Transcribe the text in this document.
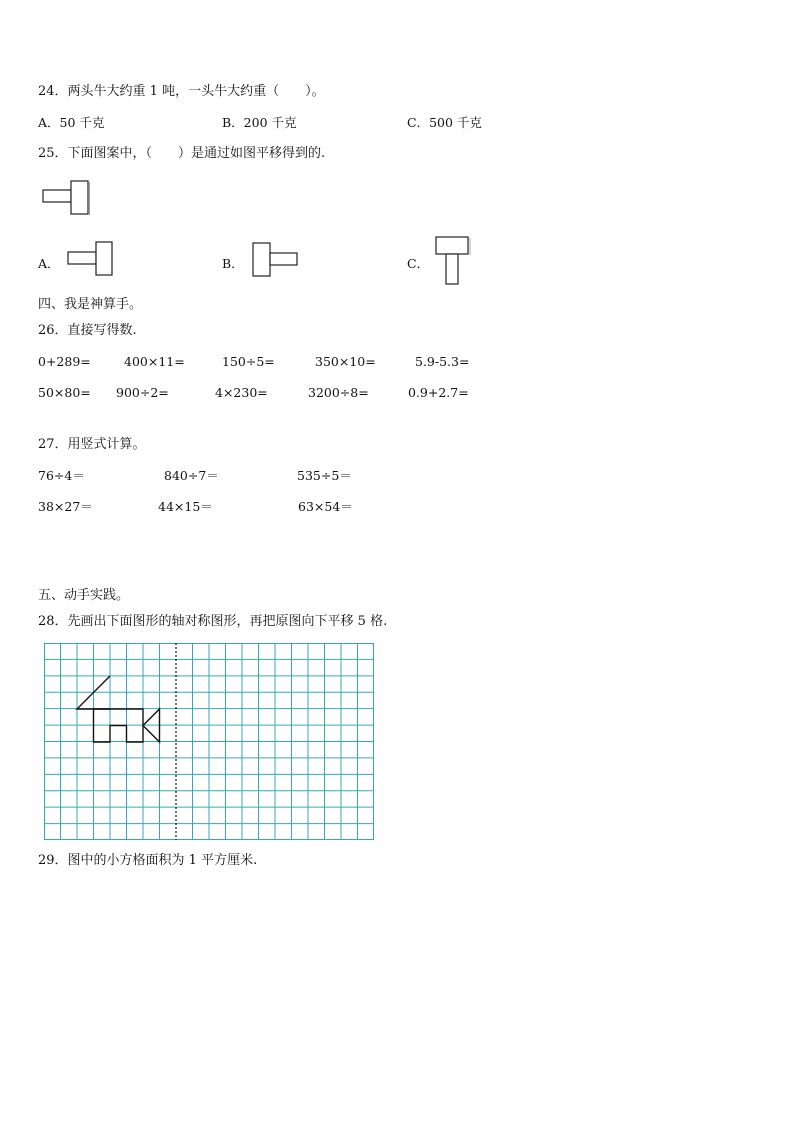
24．两头牛大约重 1 吨，一头牛大约重（　　）。
A．50 千克	B．200 千克	C．500 千克
25．下面图案中，（　　）是通过如图平移得到的.
A．	B．	C．
四、我是神算手。
26．直接写得数.
0+289=	400×11=	150÷5=	350×10=	5.9-5.3=
50×80= 900÷2=	4×230=	3200÷8=	0.9+2.7=
27．用竖式计算。
76÷4＝	840÷7＝	535÷5＝
38×27＝	44×15＝	63×54＝
五、动手实践。
28．先画出下面图形的轴对称图形，再把原图向下平移 5 格.
29．图中的小方格面积为 1 平方厘米.
